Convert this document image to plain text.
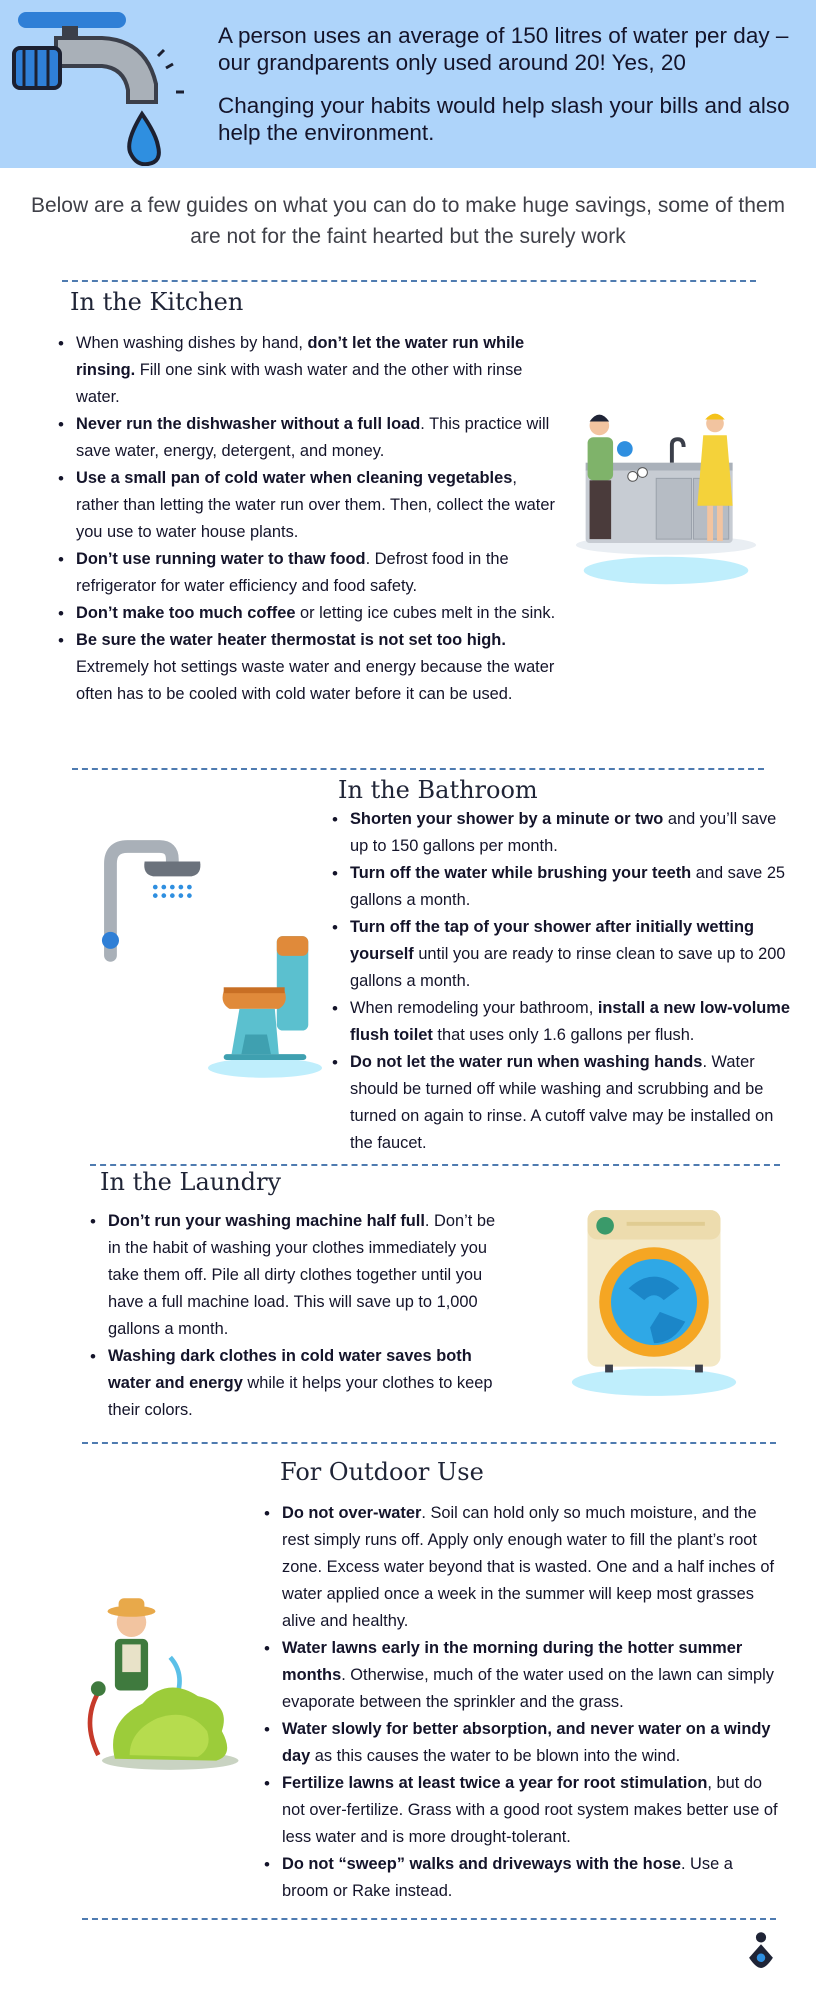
A person uses an average of 150 litres of water per day – our grandparents only used around 20! Yes, 20

Changing your habits would help slash your bills and also help the environment.

Below are a few guides on what you can do to make huge savings, some of them are not for the faint hearted but the surely work
In the Kitchen
• When washing dishes by hand, don’t let the water run while rinsing. Fill one sink with wash water and the other with rinse water.
• Never run the dishwasher without a full load. This practice will save water, energy, detergent, and money.
• Use a small pan of cold water when cleaning vegetables, rather than letting the water run over them. Then, collect the water you use to water house plants.
• Don’t use running water to thaw food. Defrost food in the refrigerator for water efficiency and food safety.
• Don’t make too much coffee or letting ice cubes melt in the sink.
• Be sure the water heater thermostat is not set too high. Extremely hot settings waste water and energy because the water often has to be cooled with cold water before it can be used.
In the Bathroom
• Shorten your shower by a minute or two and you’ll save up to 150 gallons per month.
• Turn off the water while brushing your teeth and save 25 gallons a month.
• Turn off the tap of your shower after initially wetting yourself until you are ready to rinse clean to save up to 200 gallons a month.
• When remodeling your bathroom, install a new low-volume flush toilet that uses only 1.6 gallons per flush.
• Do not let the water run when washing hands. Water should be turned off while washing and scrubbing and be turned on again to rinse. A cutoff valve may be installed on the faucet.
In the Laundry
• Don’t run your washing machine half full. Don’t be in the habit of washing your clothes immediately you take them off. Pile all dirty clothes together until you have a full machine load. This will save up to 1,000 gallons a month.
• Washing dark clothes in cold water saves both water and energy while it helps your clothes to keep their colors.
For Outdoor Use
• Do not over-water. Soil can hold only so much moisture, and the rest simply runs off. Apply only enough water to fill the plant’s root zone. Excess water beyond that is wasted. One and a half inches of water applied once a week in the summer will keep most grasses alive and healthy.
• Water lawns early in the morning during the hotter summer months. Otherwise, much of the water used on the lawn can simply evaporate between the sprinkler and the grass.
• Water slowly for better absorption, and never water on a windy day as this causes the water to be blown into the wind.
• Fertilize lawns at least twice a year for root stimulation, but do not over-fertilize. Grass with a good root system makes better use of less water and is more drought-tolerant.
• Do not “sweep” walks and driveways with the hose. Use a broom or Rake instead.
